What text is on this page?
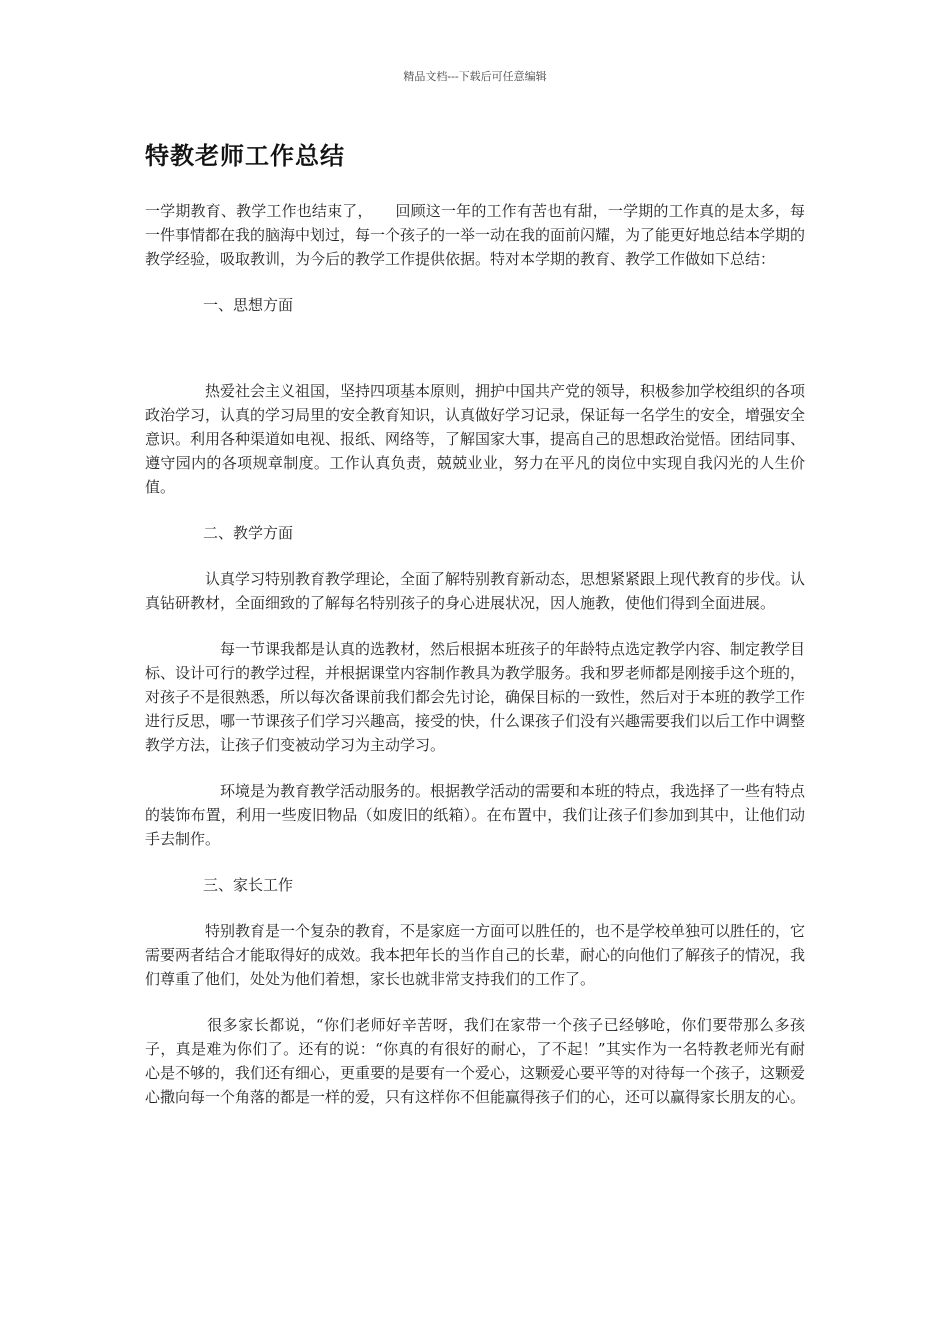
精品文档---下载后可任意编辑
特教老师工作总结

一学期教育、教学工作也结束了，　　回顾这一年的工作有苦也有甜，一学期的工作真的是太多，每一件事情都在我的脑海中划过，每一个孩子的一举一动在我的面前闪耀，为了能更好地总结本学期的教学经验，吸取教训，为今后的教学工作提供依据。特对本学期的教育、教学工作做如下总结：

一、思想方面

　　　　热爱社会主义祖国，坚持四项基本原则，拥护中国共产党的领导，积极参加学校组织的各项政治学习，认真的学习局里的安全教育知识，认真做好学习记录，保证每一名学生的安全，增强安全意识。利用各种渠道如电视、报纸、网络等，了解国家大事，提高自己的思想政治觉悟。团结同事、遵守园内的各项规章制度。工作认真负责，兢兢业业，努力在平凡的岗位中实现自我闪光的人生价值。

二、教学方面

　　　　认真学习特别教育教学理论，全面了解特别教育新动态，思想紧紧跟上现代教育的步伐。认真钻研教材，全面细致的了解每名特别孩子的身心进展状况，因人施教，使他们得到全面进展。

　　　　　每一节课我都是认真的选教材，然后根据本班孩子的年龄特点选定教学内容、制定教学目标、设计可行的教学过程，并根据课堂内容制作教具为教学服务。我和罗老师都是刚接手这个班的，对孩子不是很熟悉，所以每次备课前我们都会先讨论，确保目标的一致性，然后对于本班的教学工作进行反思，哪一节课孩子们学习兴趣高，接受的快，什么课孩子们没有兴趣需要我们以后工作中调整教学方法，让孩子们变被动学习为主动学习。

　　　　　环境是为教育教学活动服务的。根据教学活动的需要和本班的特点，我选择了一些有特点的装饰布置，利用一些废旧物品（如废旧的纸箱）。在布置中，我们让孩子们参加到其中，让他们动手去制作。

三、家长工作

　　　　特别教育是一个复杂的教育，不是家庭一方面可以胜任的，也不是学校单独可以胜任的，它需要两者结合才能取得好的成效。我本把年长的当作自己的长辈，耐心的向他们了解孩子的情况，我们尊重了他们，处处为他们着想，家长也就非常支持我们的工作了。

　　　　很多家长都说，“你们老师好辛苦呀，我们在家带一个孩子已经够呛，你们要带那么多孩子，真是难为你们了。还有的说：“你真的有很好的耐心，了不起！”其实作为一名特教老师光有耐心是不够的，我们还有细心，更重要的是要有一个爱心，这颗爱心要平等的对待每一个孩子，这颗爱心撒向每一个角落的都是一样的爱，只有这样你不但能赢得孩子们的心，还可以赢得家长朋友的心。
